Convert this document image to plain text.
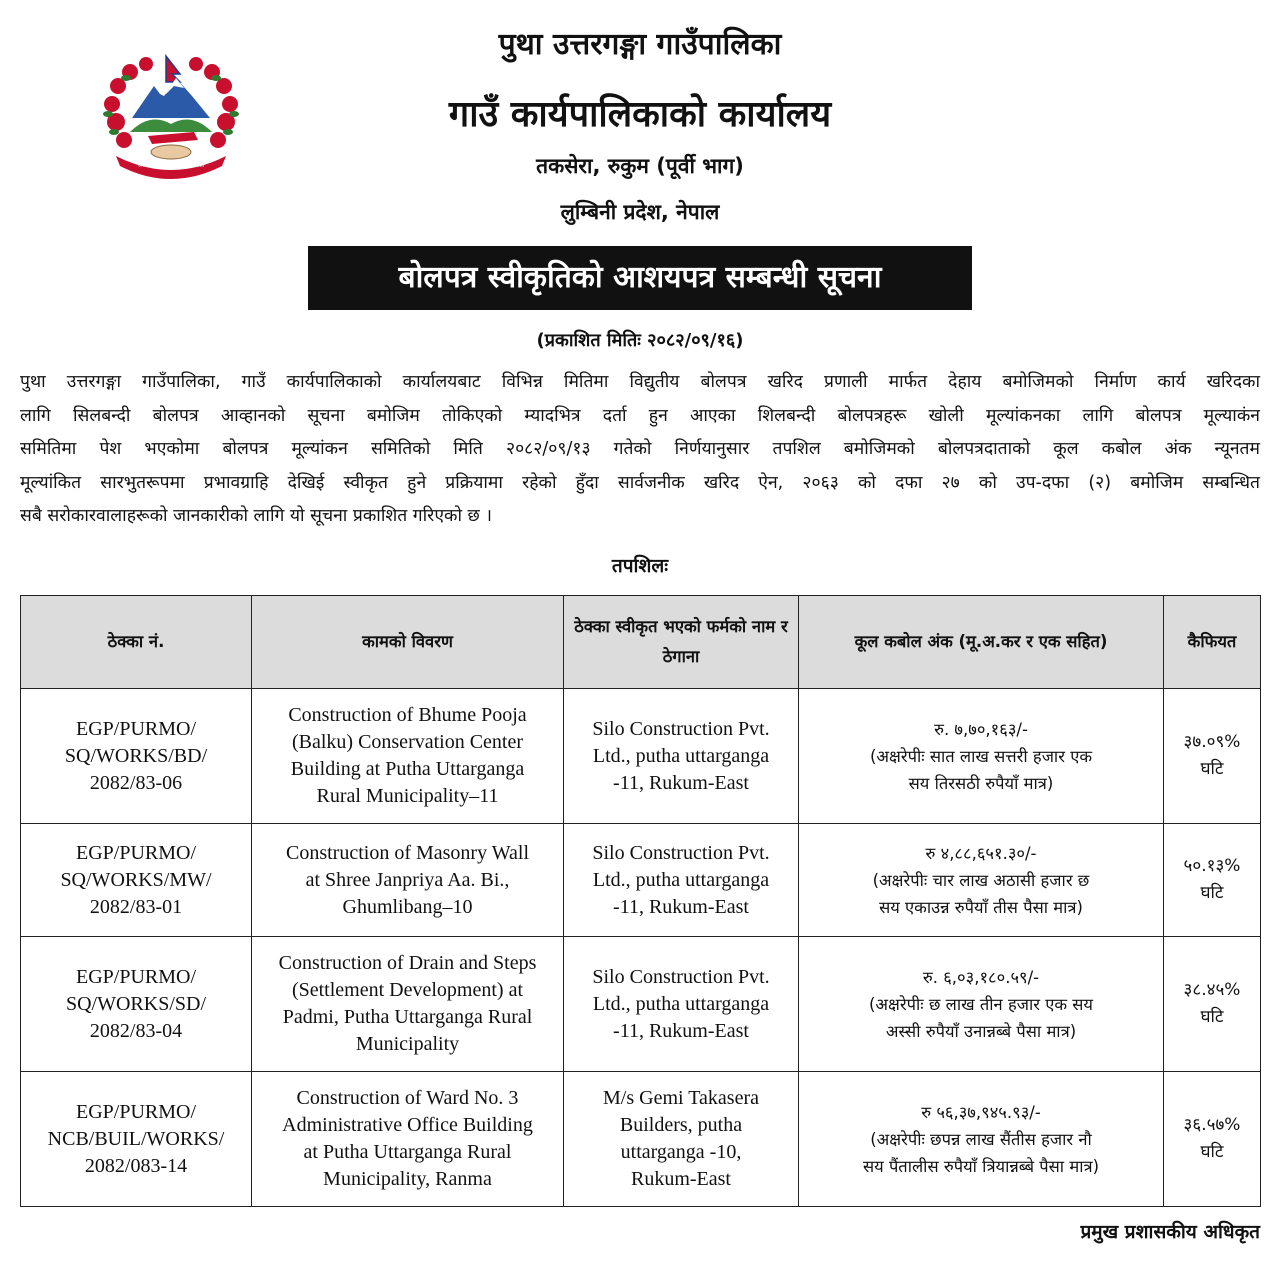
जननी जन्मभूमिश्च स्वर्गादपि गरीयसी
पुथा उत्तरगङ्गा गाउँपालिका
गाउँ कार्यपालिकाको कार्यालय
तकसेरा, रुकुम (पूर्वी भाग)
लुम्बिनी प्रदेश, नेपाल
बोलपत्र स्वीकृतिको आशयपत्र सम्बन्धी सूचना
(प्रकाशित मितिः २०८२/०९/१६)
पुथा उत्तरगङ्गा गाउँपालिका, गाउँ कार्यपालिकाको कार्यालयबाट विभिन्न मितिमा विद्युतीय बोलपत्र खरिद प्रणाली मार्फत देहाय बमोजिमको निर्माण कार्य खरिदका
लागि सिलबन्दी बोलपत्र आव्हानको सूचना बमोजिम तोकिएको म्यादभित्र दर्ता हुन आएका शिलबन्दी बोलपत्रहरू खोली मूल्यांकनका लागि बोलपत्र मूल्याकंन
समितिमा पेश भएकोमा बोलपत्र मूल्यांकन समितिको मिति २०८२/०९/१३ गतेको निर्णयानुसार तपशिल बमोजिमको बोलपत्रदाताको कूल कबोल अंक न्यूनतम
मूल्यांकित सारभुतरूपमा प्रभावग्राहि देखिई स्वीकृत हुने प्रक्रियामा रहेको हुँदा सार्वजनीक खरिद ऐन, २०६३ को दफा २७ को उप-दफा (२) बमोजिम सम्बन्धित
सबै सरोकारवालाहरूको जानकारीको लागि यो सूचना प्रकाशित गरिएको छ ।
तपशिलः
ठेक्का नं.	कामको विवरण	ठेक्का स्वीकृत भएको फर्मको नाम र ठेगाना	कूल कबोल अंक (मू.अ.कर र एक सहित)	कैफियत
EGP/PURMO/
SQ/WORKS/BD/
2082/83-06	Construction of Bhume Pooja
(Balku) Conservation Center
Building at Putha Uttarganga
Rural Municipality–11	Silo Construction Pvt.
Ltd., putha uttarganga
-11, Rukum-East	रु. ७,७०,१६३/-
(अक्षरेपीः सात लाख सत्तरी हजार एक
सय तिरसठी रुपैयाँ मात्र)	३७.०९%
घटि
EGP/PURMO/
SQ/WORKS/MW/
2082/83-01	Construction of Masonry Wall
at Shree Janpriya Aa. Bi.,
Ghumlibang–10	Silo Construction Pvt.
Ltd., putha uttarganga
-11, Rukum-East	रु ४,८८,६५१.३०/-
(अक्षरेपीः चार लाख अठासी हजार छ
सय एकाउन्न रुपैयाँ तीस पैसा मात्र)	५०.१३%
घटि
EGP/PURMO/
SQ/WORKS/SD/
2082/83-04	Construction of Drain and Steps
(Settlement Development) at
Padmi, Putha Uttarganga Rural
Municipality	Silo Construction Pvt.
Ltd., putha uttarganga
-11, Rukum-East	रु. ६,०३,१८०.५९/-
(अक्षरेपीः छ लाख तीन हजार एक सय
अस्सी रुपैयाँ उनान्नब्बे पैसा मात्र)	३८.४५%
घटि
EGP/PURMO/
NCB/BUIL/WORKS/
2082/083-14	Construction of Ward No. 3
Administrative Office Building
at Putha Uttarganga Rural
Municipality, Ranma	M/s Gemi Takasera
Builders, putha
uttarganga -10,
Rukum-East	रु ५६,३७,९४५.९३/-
(अक्षरेपीः छपन्न लाख सैंतीस हजार नौ
सय पैंतालीस रुपैयाँ त्रियान्नब्बे पैसा मात्र)	३६.५७%
घटि
प्रमुख प्रशासकीय अधिकृत
